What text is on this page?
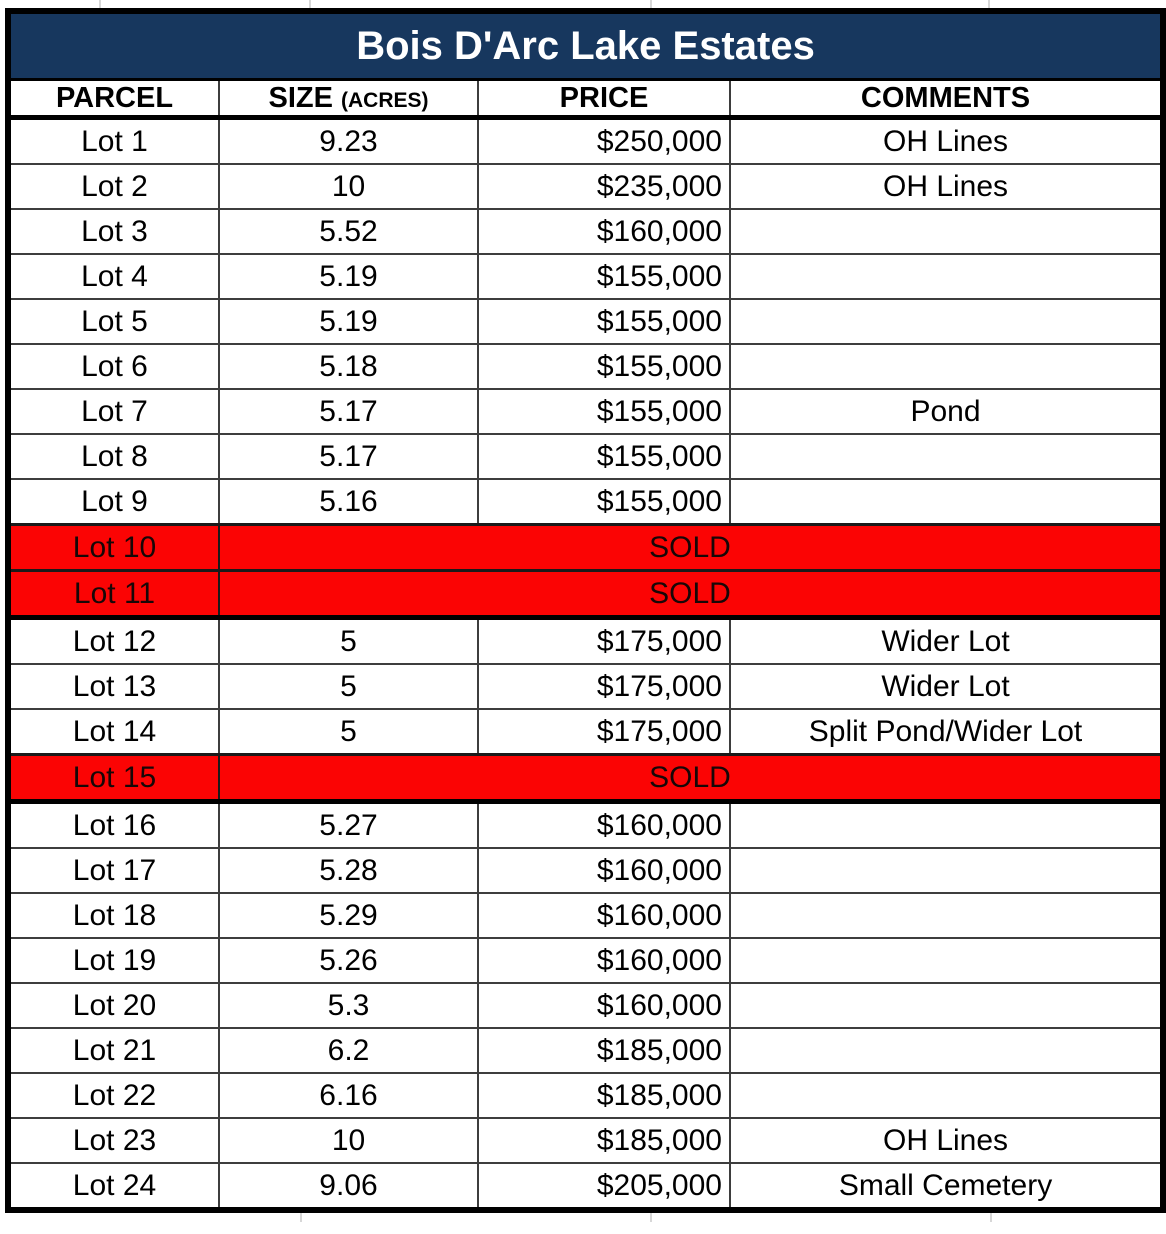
Bois D'Arc Lake Estates			
PARCEL	SIZE (ACRES)	PRICE	COMMENTS
Lot 1	9.23	$250,000	OH Lines
Lot 2	10	$235,000	OH Lines
Lot 3	5.52	$160,000	
Lot 4	5.19	$155,000	
Lot 5	5.19	$155,000	
Lot 6	5.18	$155,000	
Lot 7	5.17	$155,000	Pond
Lot 8	5.17	$155,000	
Lot 9	5.16	$155,000	
Lot 10	SOLD		
Lot 11	SOLD		
Lot 12	5	$175,000	Wider Lot
Lot 13	5	$175,000	Wider Lot
Lot 14	5	$175,000	Split Pond/Wider Lot
Lot 15	SOLD		
Lot 16	5.27	$160,000	
Lot 17	5.28	$160,000	
Lot 18	5.29	$160,000	
Lot 19	5.26	$160,000	
Lot 20	5.3	$160,000	
Lot 21	6.2	$185,000	
Lot 22	6.16	$185,000	
Lot 23	10	$185,000	OH Lines
Lot 24	9.06	$205,000	Small Cemetery
